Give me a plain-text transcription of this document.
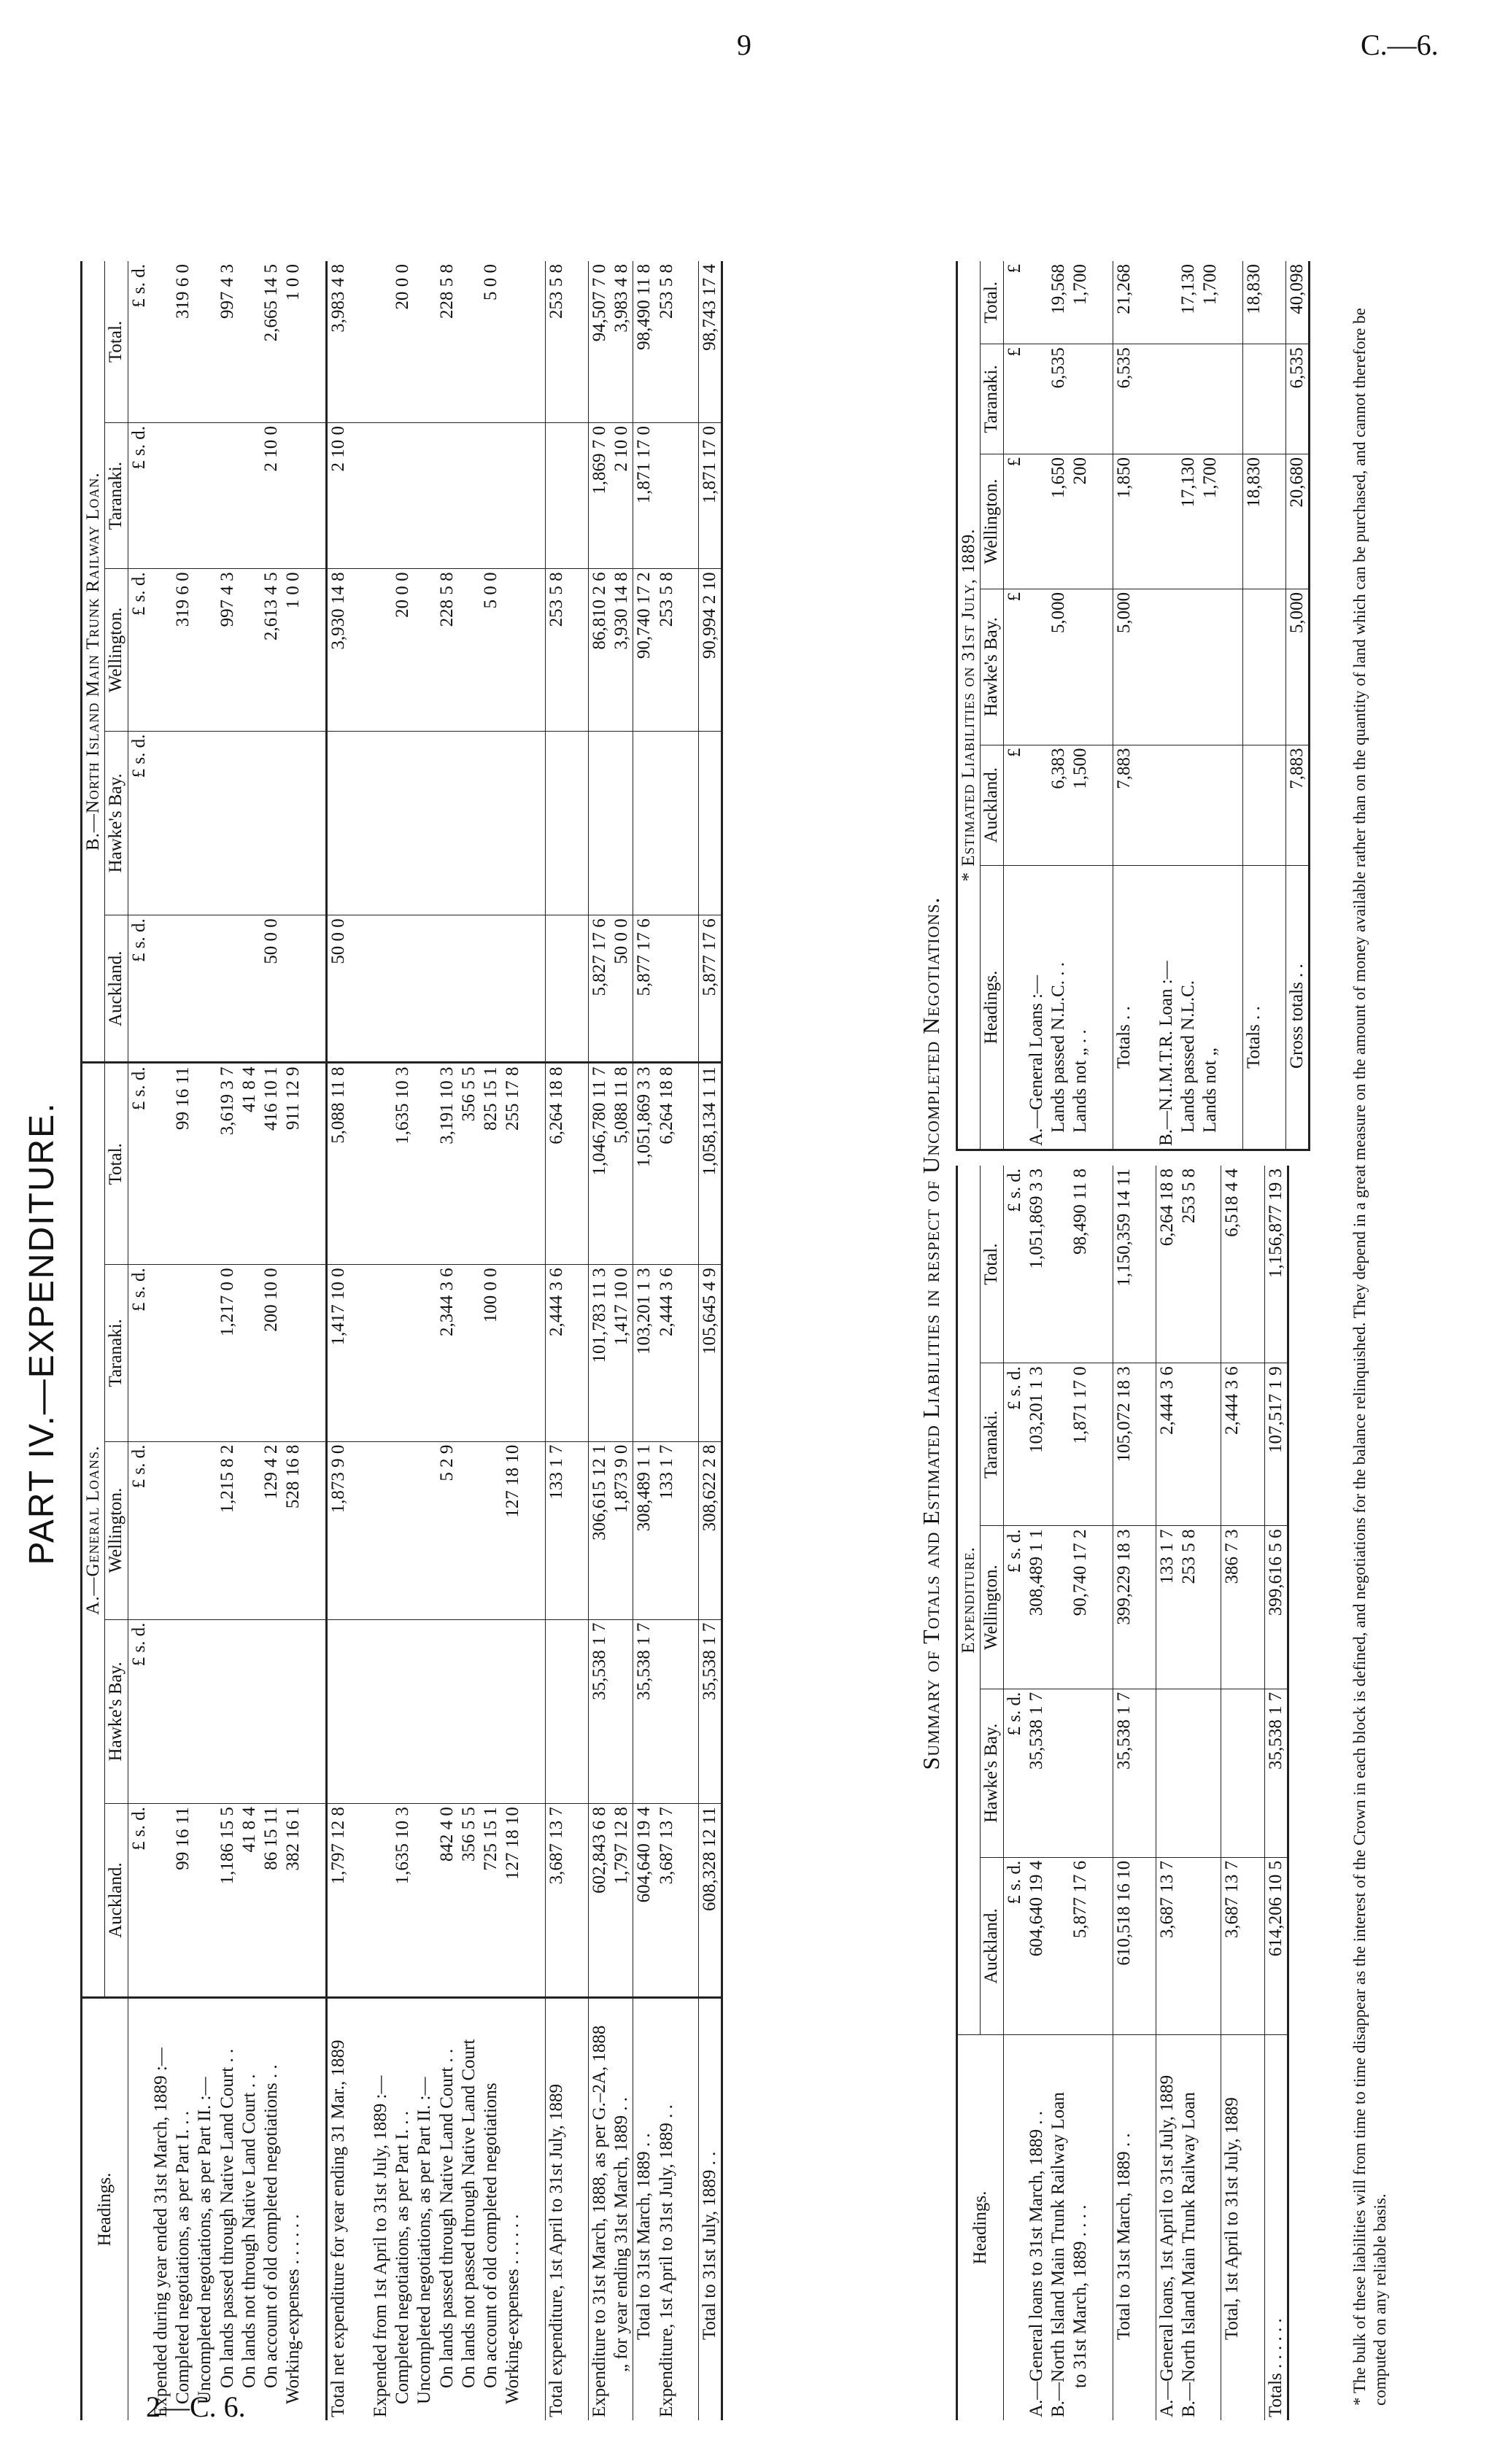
9	C.—6.
2—C. 6.
PART IV.—EXPENDITURE.
Headings.	A.—General Loans.					B.—North Island Main Trunk Railway Loan.				
	Auckland.	Hawke's Bay.	Wellington.	Taranaki.	Total.	Auckland.	Hawke's Bay.	Wellington.	Taranaki.	Total.
	£ s. d.	£ s. d.	£ s. d.	£ s. d.	£ s. d.	£ s. d.	£ s. d.	£ s. d.	£ s. d.	£ s. d.
Expended during year ended 31st March, 1889 :—										
Completed negotiations, as per Part I. . .	99 16 11				99 16 11			319 6 0		319 6 0
Uncompleted negotiations, as per Part II. :—										
On lands passed through Native Land Court . .	1,186 15 5		1,215 8 2	1,217 0 0	3,619 3 7			997 4 3		997 4 3
On lands not through Native Land Court . .	41 8 4				41 8 4					
On account of old completed negotiations . .	86 15 11		129 4 2	200 10 0	416 10 1	50 0 0		2,613 4 5	2 10 0	2,665 14 5
Working-expenses . . . . . .	382 16 1		528 16 8		911 12 9			1 0 0		1 0 0

Total net expenditure for year ending 31 Mar., 1889	1,797 12 8		1,873 9 0	1,417 10 0	5,088 11 8	50 0 0		3,930 14 8	2 10 0	3,983 4 8

Expended from 1st April to 31st July, 1889 :—										
Completed negotiations, as per Part I. . .	1,635 10 3				1,635 10 3			20 0 0		20 0 0
Uncompleted negotiations, as per Part II. :—										
On lands passed through Native Land Court . .	842 4 0		5 2 9	2,344 3 6	3,191 10 3			228 5 8		228 5 8
On lands not passed through Native Land Court	356 5 5				356 5 5					
On account of old completed negotiations	725 15 1			100 0 0	825 15 1			5 0 0		5 0 0
Working-expenses . . . . . .	127 18 10		127 18 10		255 17 8					

Total expenditure, 1st April to 31st July, 1889	3,687 13 7		133 1 7	2,444 3 6	6,264 18 8			253 5 8		253 5 8

Expenditure to 31st March, 1888, as per G.–2A, 1888	602,843 6 8	35,538 1 7	306,615 12 1	101,783 11 3	1,046,780 11 7	5,827 17 6		86,810 2 6	1,869 7 0	94,507 7 0
„ for year ending 31st March, 1889 . .	1,797 12 8		1,873 9 0	1,417 10 0	5,088 11 8	50 0 0		3,930 14 8	2 10 0	3,983 4 8
Total to 31st March, 1889 . .	604,640 19 4	35,538 1 7	308,489 1 1	103,201 1 3	1,051,869 3 3	5,877 17 6		90,740 17 2	1,871 17 0	98,490 11 8
Expenditure, 1st April to 31st July, 1889 . .	3,687 13 7		133 1 7	2,444 3 6	6,264 18 8			253 5 8		253 5 8

Total to 31st July, 1889 . .	608,328 12 11	35,538 1 7	308,622 2 8	105,645 4 9	1,058,134 1 11	5,877 17 6		90,994 2 10	1,871 17 0	98,743 17 4
Summary of Totals and Estimated Liabilities in respect of Uncompleted Negotiations.
Headings.	Expenditure.				
	Auckland.	Hawke's Bay.	Wellington.	Taranaki.	Total.
	£ s. d.	£ s. d.	£ s. d.	£ s. d.	£ s. d.
A.—General loans to 31st March, 1889 . .	604,640 19 4	35,538 1 7	308,489 1 1	103,201 1 3	1,051,869 3 3
B.—North Island Main Trunk Railway Loan					
to 31st March, 1889 . . . .	5,877 17 6		90,740 17 2	1,871 17 0	98,490 11 8

Total to 31st March, 1889 . .	610,518 16 10	35,538 1 7	399,229 18 3	105,072 18 3	1,150,359 14 11

A.—General loans, 1st April to 31st July, 1889	3,687 13 7		133 1 7	2,444 3 6	6,264 18 8
B.—North Island Main Trunk Railway Loan			253 5 8		253 5 8

Total, 1st April to 31st July, 1889	3,687 13 7		386 7 3	2,444 3 6	6,518 4 4

Totals . . . . . .	614,206 10 5	35,538 1 7	399,616 5 6	107,517 1 9	1,156,877 19 3
* Estimated Liabilities on 31st July, 1889.					
Headings.	Auckland.	Hawke's Bay.	Wellington.	Taranaki.	Total.
	£	£	£	£	£
A.—General Loans :—					
Lands passed N.L.C. . .	6,383	5,000	1,650	6,535	19,568
Lands not „ . .	1,500		200		1,700

Totals . .	7,883	5,000	1,850	6,535	21,268

B.—N.I.M.T.R. Loan :—					
Lands passed N.L.C.			17,130		17,130
Lands not „			1,700		1,700

Totals . .			18,830		18,830

Gross totals . .	7,883	5,000	20,680	6,535	40,098
* The bulk of these liabilities will from time to time disappear as the interest of the Crown in each block is defined, and negotiations for the balance relinquished. They depend in a great measure on the amount of money available rather than on the quantity of land which can be purchased, and cannot therefore be computed on any reliable basis.
